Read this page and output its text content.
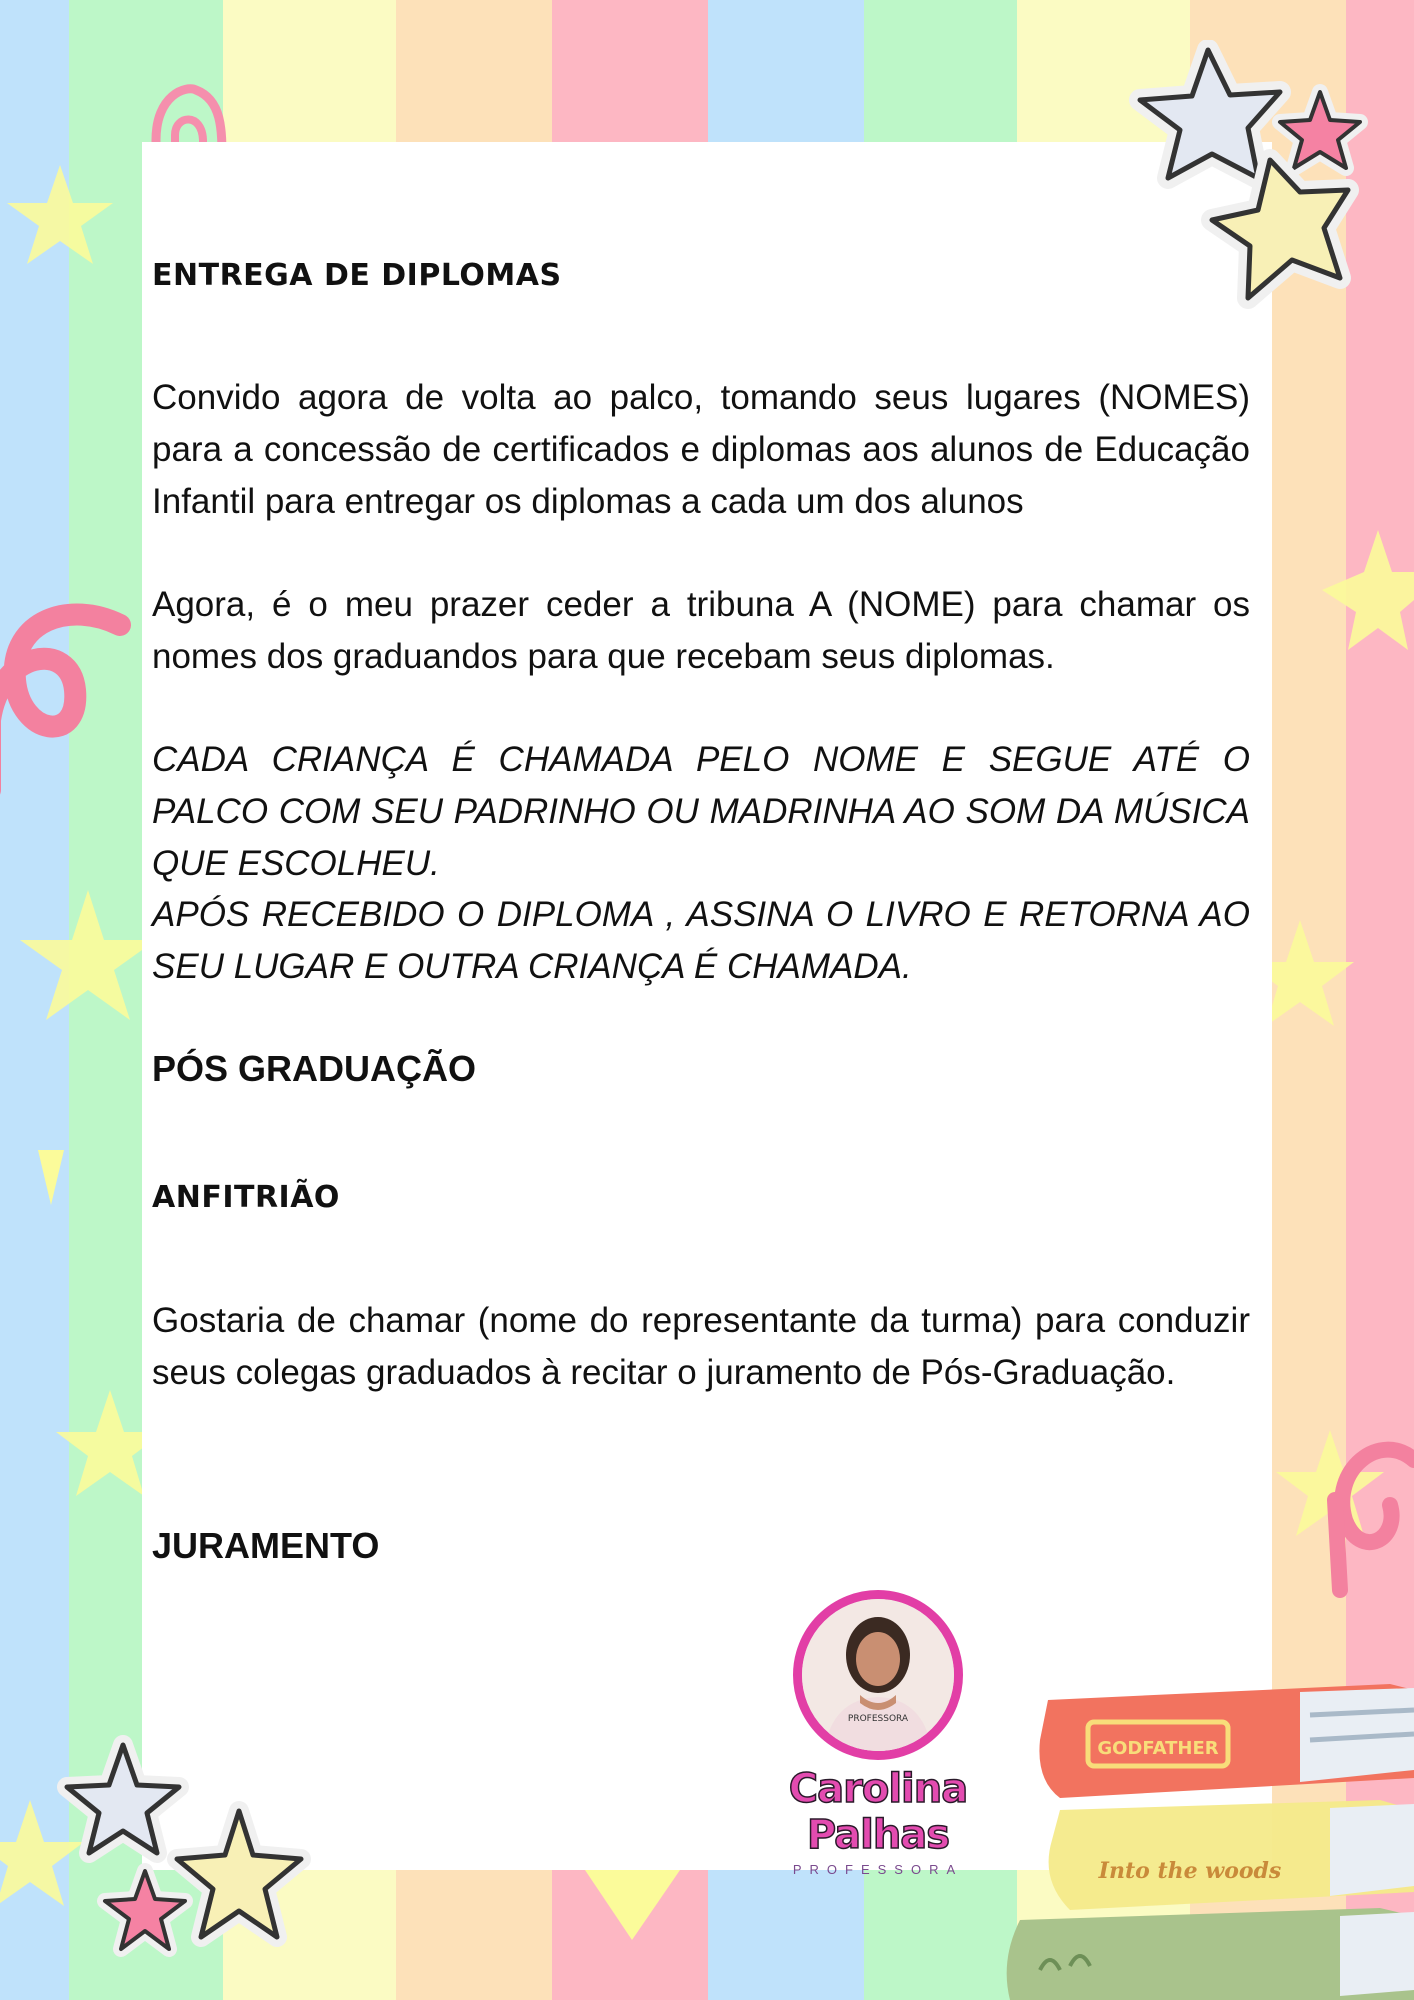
GODFATHER
Into the woods
ENTREGA DE DIPLOMAS

Convido agora de volta ao palco, tomando seus lugares (NOMES) para a concessão de certificados e diplomas aos alunos de Educação Infantil para entregar os diplomas a cada um dos alunos

Agora, é o meu prazer ceder a tribuna A (NOME) para chamar os nomes dos graduandos para que recebam seus diplomas.

CADA CRIANÇA É CHAMADA PELO NOME E SEGUE ATÉ O PALCO COM SEU PADRINHO OU MADRINHA AO SOM DA MÚSICA QUE ESCOLHEU.

APÓS RECEBIDO O DIPLOMA , ASSINA O LIVRO E RETORNA AO SEU LUGAR E OUTRA CRIANÇA É CHAMADA.

PÓS GRADUAÇÃO
ANFITRIÃO

Gostaria de chamar (nome do representante da turma) para conduzir seus colegas graduados à recitar o juramento de Pós-Graduação.

JURAMENTO
PROFESSORA
Carolina Palhas
PROFESSORA
